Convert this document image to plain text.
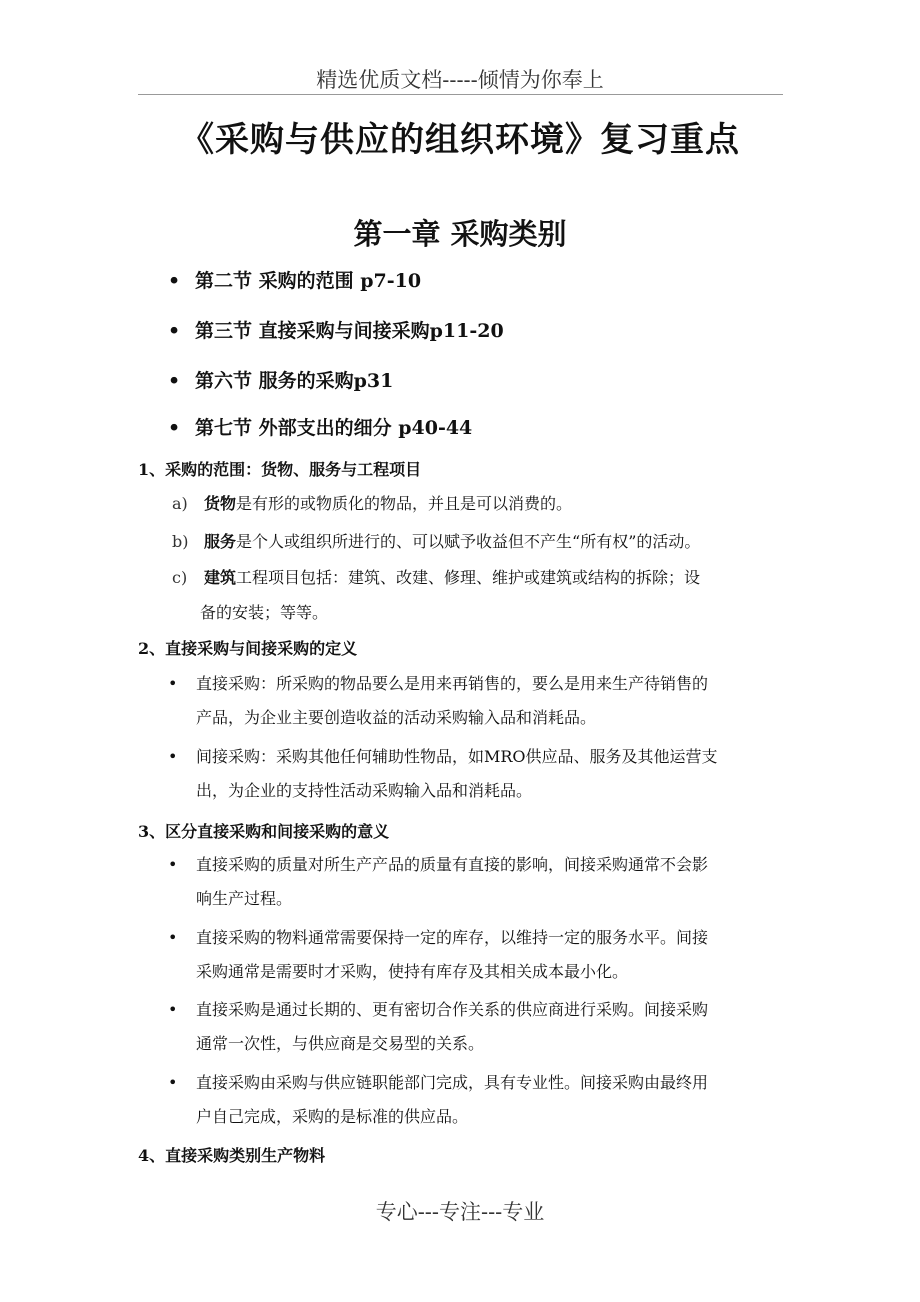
精选优质文档-----倾情为你奉上
《采购与供应的组织环境》复习重点
第一章 采购类别
• 第二节 采购的范围 p7-10
• 第三节 直接采购与间接采购p11-20
• 第六节 服务的采购p31
• 第七节 外部支出的细分 p40-44
1、采购的范围：货物、服务与工程项目
a) 货物是有形的或物质化的物品，并且是可以消费的。
b) 服务是个人或组织所进行的、可以赋予收益但不产生“所有权”的活动。
c) 建筑工程项目包括：建筑、改建、修理、维护或建筑或结构的拆除；设
备的安装；等等。
2、直接采购与间接采购的定义
•	直接采购：所采购的物品要么是用来再销售的，要么是用来生产待销售的
产品，为企业主要创造收益的活动采购输入品和消耗品。
•	间接采购：采购其他任何辅助性物品，如MRO供应品、服务及其他运营支
出，为企业的支持性活动采购输入品和消耗品。
3、区分直接采购和间接采购的意义
•	直接采购的质量对所生产产品的质量有直接的影响，间接采购通常不会影
响生产过程。
•	直接采购的物料通常需要保持一定的库存，以维持一定的服务水平。间接
采购通常是需要时才采购，使持有库存及其相关成本最小化。
•	直接采购是通过长期的、更有密切合作关系的供应商进行采购。间接采购
通常一次性，与供应商是交易型的关系。
•	直接采购由采购与供应链职能部门完成，具有专业性。间接采购由最终用
户自己完成，采购的是标准的供应品。
4、直接采购类别生产物料
专心---专注---专业
